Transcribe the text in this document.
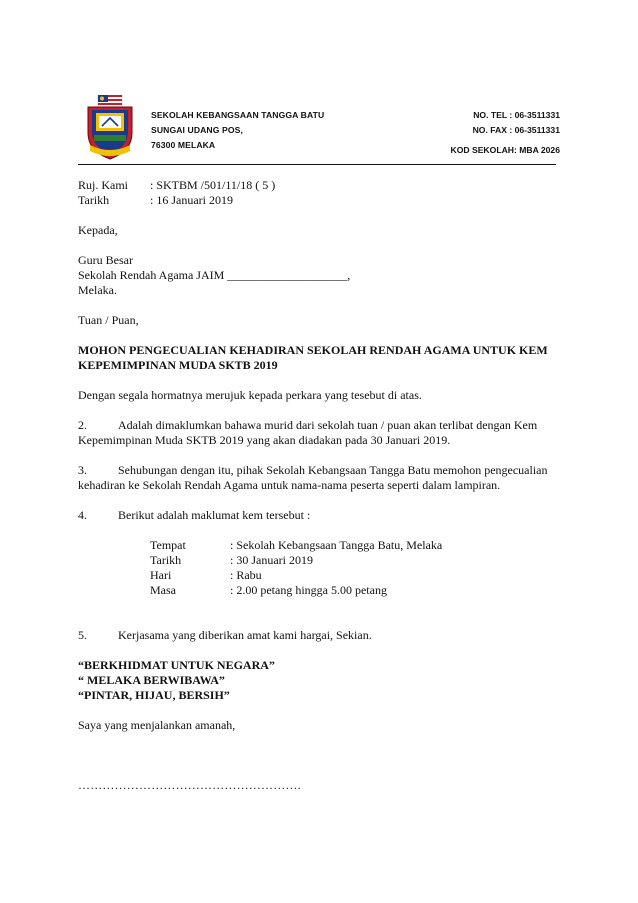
SEKOLAH KEBANGSAAN TANGGA BATU
SUNGAI UDANG POS,
76300 MELAKA
NO. TEL : 06-3511331
NO. FAX : 06-3511331
KOD SEKOLAH: MBA 2026
Ruj. Kami	: SKTBM /501/11/18 ( 5 )
Tarikh	: 16 Januari 2019

Kepada,

Guru Besar

Sekolah Rendah Agama JAIM ____________________,

Melaka.

Tuan / Puan,

MOHON PENGECUALIAN KEHADIRAN SEKOLAH RENDAH AGAMA UNTUK KEM

KEPEMIMPINAN MUDA SKTB 2019

Dengan segala hormatnya merujuk kepada perkara yang tesebut di atas.

2.	Adalah dimaklumkan bahawa murid dari sekolah tuan / puan akan terlibat dengan Kem

Kepemimpinan Muda SKTB 2019 yang akan diadakan pada 30 Januari 2019.

3.	Sehubungan dengan itu, pihak Sekolah Kebangsaan Tangga Batu memohon pengecualian

kehadiran ke Sekolah Rendah Agama untuk nama-nama peserta seperti dalam lampiran.

4.	Berikut adalah maklumat kem tersebut :

Tempat	: Sekolah Kebangsaan Tangga Batu, Melaka
Tarikh	: 30 Januari 2019
Hari	: Rabu
Masa	: 2.00 petang hingga 5.00 petang

5.	Kerjasama yang diberikan amat kami hargai, Sekian.

“BERKHIDMAT UNTUK NEGARA”

“ MELAKA BERWIBAWA”

“PINTAR, HIJAU, BERSIH”

Saya yang menjalankan amanah,

……………………………………………….
